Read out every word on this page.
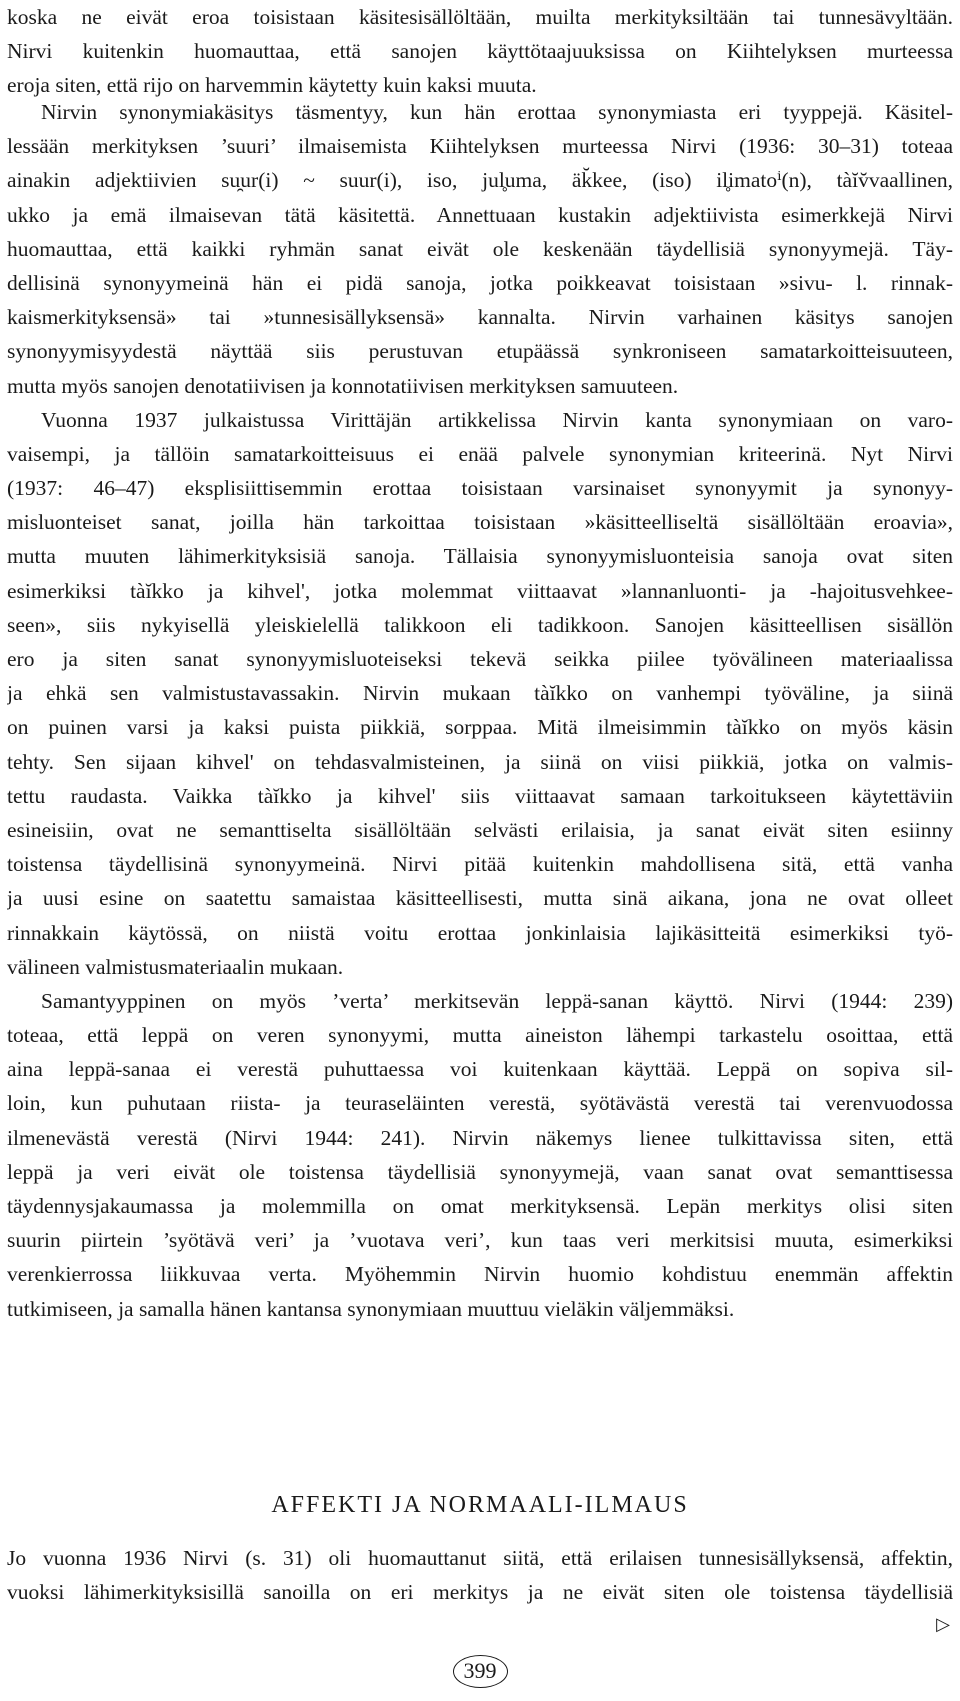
koska ne eivät eroa toisistaan käsitesisällöltään, muilta merkityksiltään tai tunnesävyltään.
Nirvi kuitenkin huomauttaa, että sanojen käyttötaajuuksissa on Kiihtelyksen murteessa
eroja siten, että rijo on harvemmin käytetty kuin kaksi muuta.
Nirvin synonymiakäsitys täsmentyy, kun hän erottaa synonymiasta eri tyyppejä. Käsitel-
lessään merkityksen ’suuri’ ilmaisemista Kiihtelyksen murteessa Nirvi (1936: 30–31) toteaa
ainakin adjektiivien su̯ur(i) ~ suur(i), iso, jul̥uma, äk̆kee, (iso) il̥imatoⁱ(n), tàĭv̆vaallinen,
ukko ja emä ilmaisevan tätä käsitettä. Annettuaan kustakin adjektiivista esimerkkejä Nirvi
huomauttaa, että kaikki ryhmän sanat eivät ole keskenään täydellisiä synonyymejä. Täy-
dellisinä synonyymeinä hän ei pidä sanoja, jotka poikkeavat toisistaan »sivu- l. rinnak-
kaismerkityksensä» tai »tunnesisällyksensä» kannalta. Nirvin varhainen käsitys sanojen
synonyymisyydestä näyttää siis perustuvan etupäässä synkroniseen samatarkoitteisuuteen,
mutta myös sanojen denotatiivisen ja konnotatiivisen merkityksen samuuteen.
Vuonna 1937 julkaistussa Virittäjän artikkelissa Nirvin kanta synonymiaan on varo-
vaisempi, ja tällöin samatarkoitteisuus ei enää palvele synonymian kriteerinä. Nyt Nirvi
(1937: 46–47) eksplisiittisemmin erottaa toisistaan varsinaiset synonyymit ja synonyy-
misluonteiset sanat, joilla hän tarkoittaa toisistaan »käsitteelliseltä sisällöltään eroavia»,
mutta muuten lähimerkityksisiä sanoja. Tällaisia synonyymisluonteisia sanoja ovat siten
esimerkiksi tàĭkko ja kihvel', jotka molemmat viittaavat »lannanluonti- ja -hajoitusvehkee-
seen», siis nykyisellä yleiskielellä talikkoon eli tadikkoon. Sanojen käsitteellisen sisällön
ero ja siten sanat synonyymisluoteiseksi tekevä seikka piilee työvälineen materiaalissa
ja ehkä sen valmistustavassakin. Nirvin mukaan tàĭkko on vanhempi työväline, ja siinä
on puinen varsi ja kaksi puista piikkiä, sorppaa. Mitä ilmeisimmin tàĭkko on myös käsin
tehty. Sen sijaan kihvel' on tehdasvalmisteinen, ja siinä on viisi piikkiä, jotka on valmis-
tettu raudasta. Vaikka tàĭkko ja kihvel' siis viittaavat samaan tarkoitukseen käytettäviin
esineisiin, ovat ne semanttiselta sisällöltään selvästi erilaisia, ja sanat eivät siten esiinny
toistensa täydellisinä synonyymeinä. Nirvi pitää kuitenkin mahdollisena sitä, että vanha
ja uusi esine on saatettu samaistaa käsitteellisesti, mutta sinä aikana, jona ne ovat olleet
rinnakkain käytössä, on niistä voitu erottaa jonkinlaisia lajikäsitteitä esimerkiksi työ-
välineen valmistusmateriaalin mukaan.
Samantyyppinen on myös ’verta’ merkitsevän leppä-sanan käyttö. Nirvi (1944: 239)
toteaa, että leppä on veren synonyymi, mutta aineiston lähempi tarkastelu osoittaa, että
aina leppä-sanaa ei verestä puhuttaessa voi kuitenkaan käyttää. Leppä on sopiva sil-
loin, kun puhutaan riista- ja teuraseläinten verestä, syötävästä verestä tai verenvuodossa
ilmenevästä verestä (Nirvi 1944: 241). Nirvin näkemys lienee tulkittavissa siten, että
leppä ja veri eivät ole toistensa täydellisiä synonyymejä, vaan sanat ovat semanttisessa
täydennysjakaumassa ja molemmilla on omat merkityksensä. Lepän merkitys olisi siten
suurin piirtein ’syötävä veri’ ja ’vuotava veri’, kun taas veri merkitsisi muuta, esimerkiksi
verenkierrossa liikkuvaa verta. Myöhemmin Nirvin huomio kohdistuu enemmän affektin
tutkimiseen, ja samalla hänen kantansa synonymiaan muuttuu vieläkin väljemmäksi.
AFFEKTI JA NORMAALI-ILMAUS
Jo vuonna 1936 Nirvi (s. 31) oli huomauttanut siitä, että erilaisen tunnesisällyksensä, affektin,
vuoksi lähimerkityksisillä sanoilla on eri merkitys ja ne eivät siten ole toistensa täydellisiä
▷
399
